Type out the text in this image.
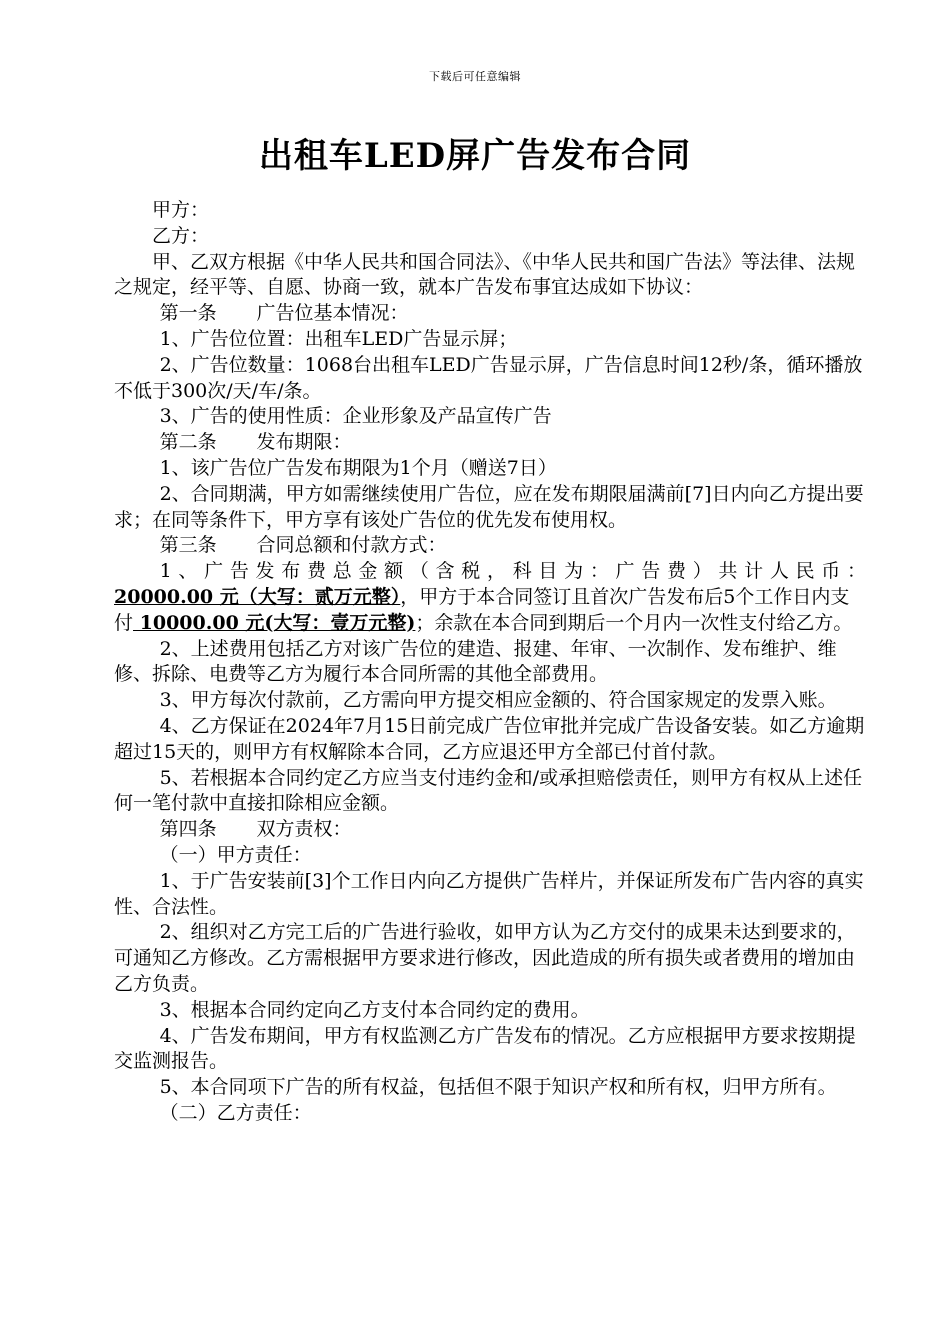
下载后可任意编辑
出租车LED屏广告发布合同

甲方：

乙方：

甲、乙双方根据《中华人民共和国合同法》、《中华人民共和国广告法》等法律、法规之规定，经平等、自愿、协商一致，就本广告发布事宜达成如下协议：

第一条 广告位基本情况：

1、广告位位置：出租车LED广告显示屏；

2、广告位数量：1068台出租车LED广告显示屏，广告信息时间12秒/条，循环播放不低于300次/天/车/条。

3、广告的使用性质：企业形象及产品宣传广告

第二条 发布期限：

1、该广告位广告发布期限为1个月（赠送7日）

2、合同期满，甲方如需继续使用广告位，应在发布期限届满前[7]日内向乙方提出要求；在同等条件下，甲方享有该处广告位的优先发布使用权。

第三条 合同总额和付款方式：

1、广告发布费总金额（含税，科目为：广告费）共计人民币：

20000.00 元（大写：贰万元整），甲方于本合同签订且首次广告发布后5个工作日内支付 10000.00 元(大写：壹万元整)；余款在本合同到期后一个月内一次性支付给乙方。

2、上述费用包括乙方对该广告位的建造、报建、年审、一次制作、发布维护、维修、拆除、电费等乙方为履行本合同所需的其他全部费用。

3、甲方每次付款前，乙方需向甲方提交相应金额的、符合国家规定的发票入账。

4、乙方保证在2024年7月15日前完成广告位审批并完成广告设备安装。如乙方逾期超过15天的，则甲方有权解除本合同，乙方应退还甲方全部已付首付款。

5、若根据本合同约定乙方应当支付违约金和/或承担赔偿责任，则甲方有权从上述任何一笔付款中直接扣除相应金额。

第四条 双方责权：

（一）甲方责任：

1、于广告安装前[3]个工作日内向乙方提供广告样片，并保证所发布广告内容的真实性、合法性。

2、组织对乙方完工后的广告进行验收，如甲方认为乙方交付的成果未达到要求的，可通知乙方修改。乙方需根据甲方要求进行修改，因此造成的所有损失或者费用的增加由乙方负责。

3、根据本合同约定向乙方支付本合同约定的费用。

4、广告发布期间，甲方有权监测乙方广告发布的情况。乙方应根据甲方要求按期提交监测报告。

5、本合同项下广告的所有权益，包括但不限于知识产权和所有权，归甲方所有。

（二）乙方责任：
